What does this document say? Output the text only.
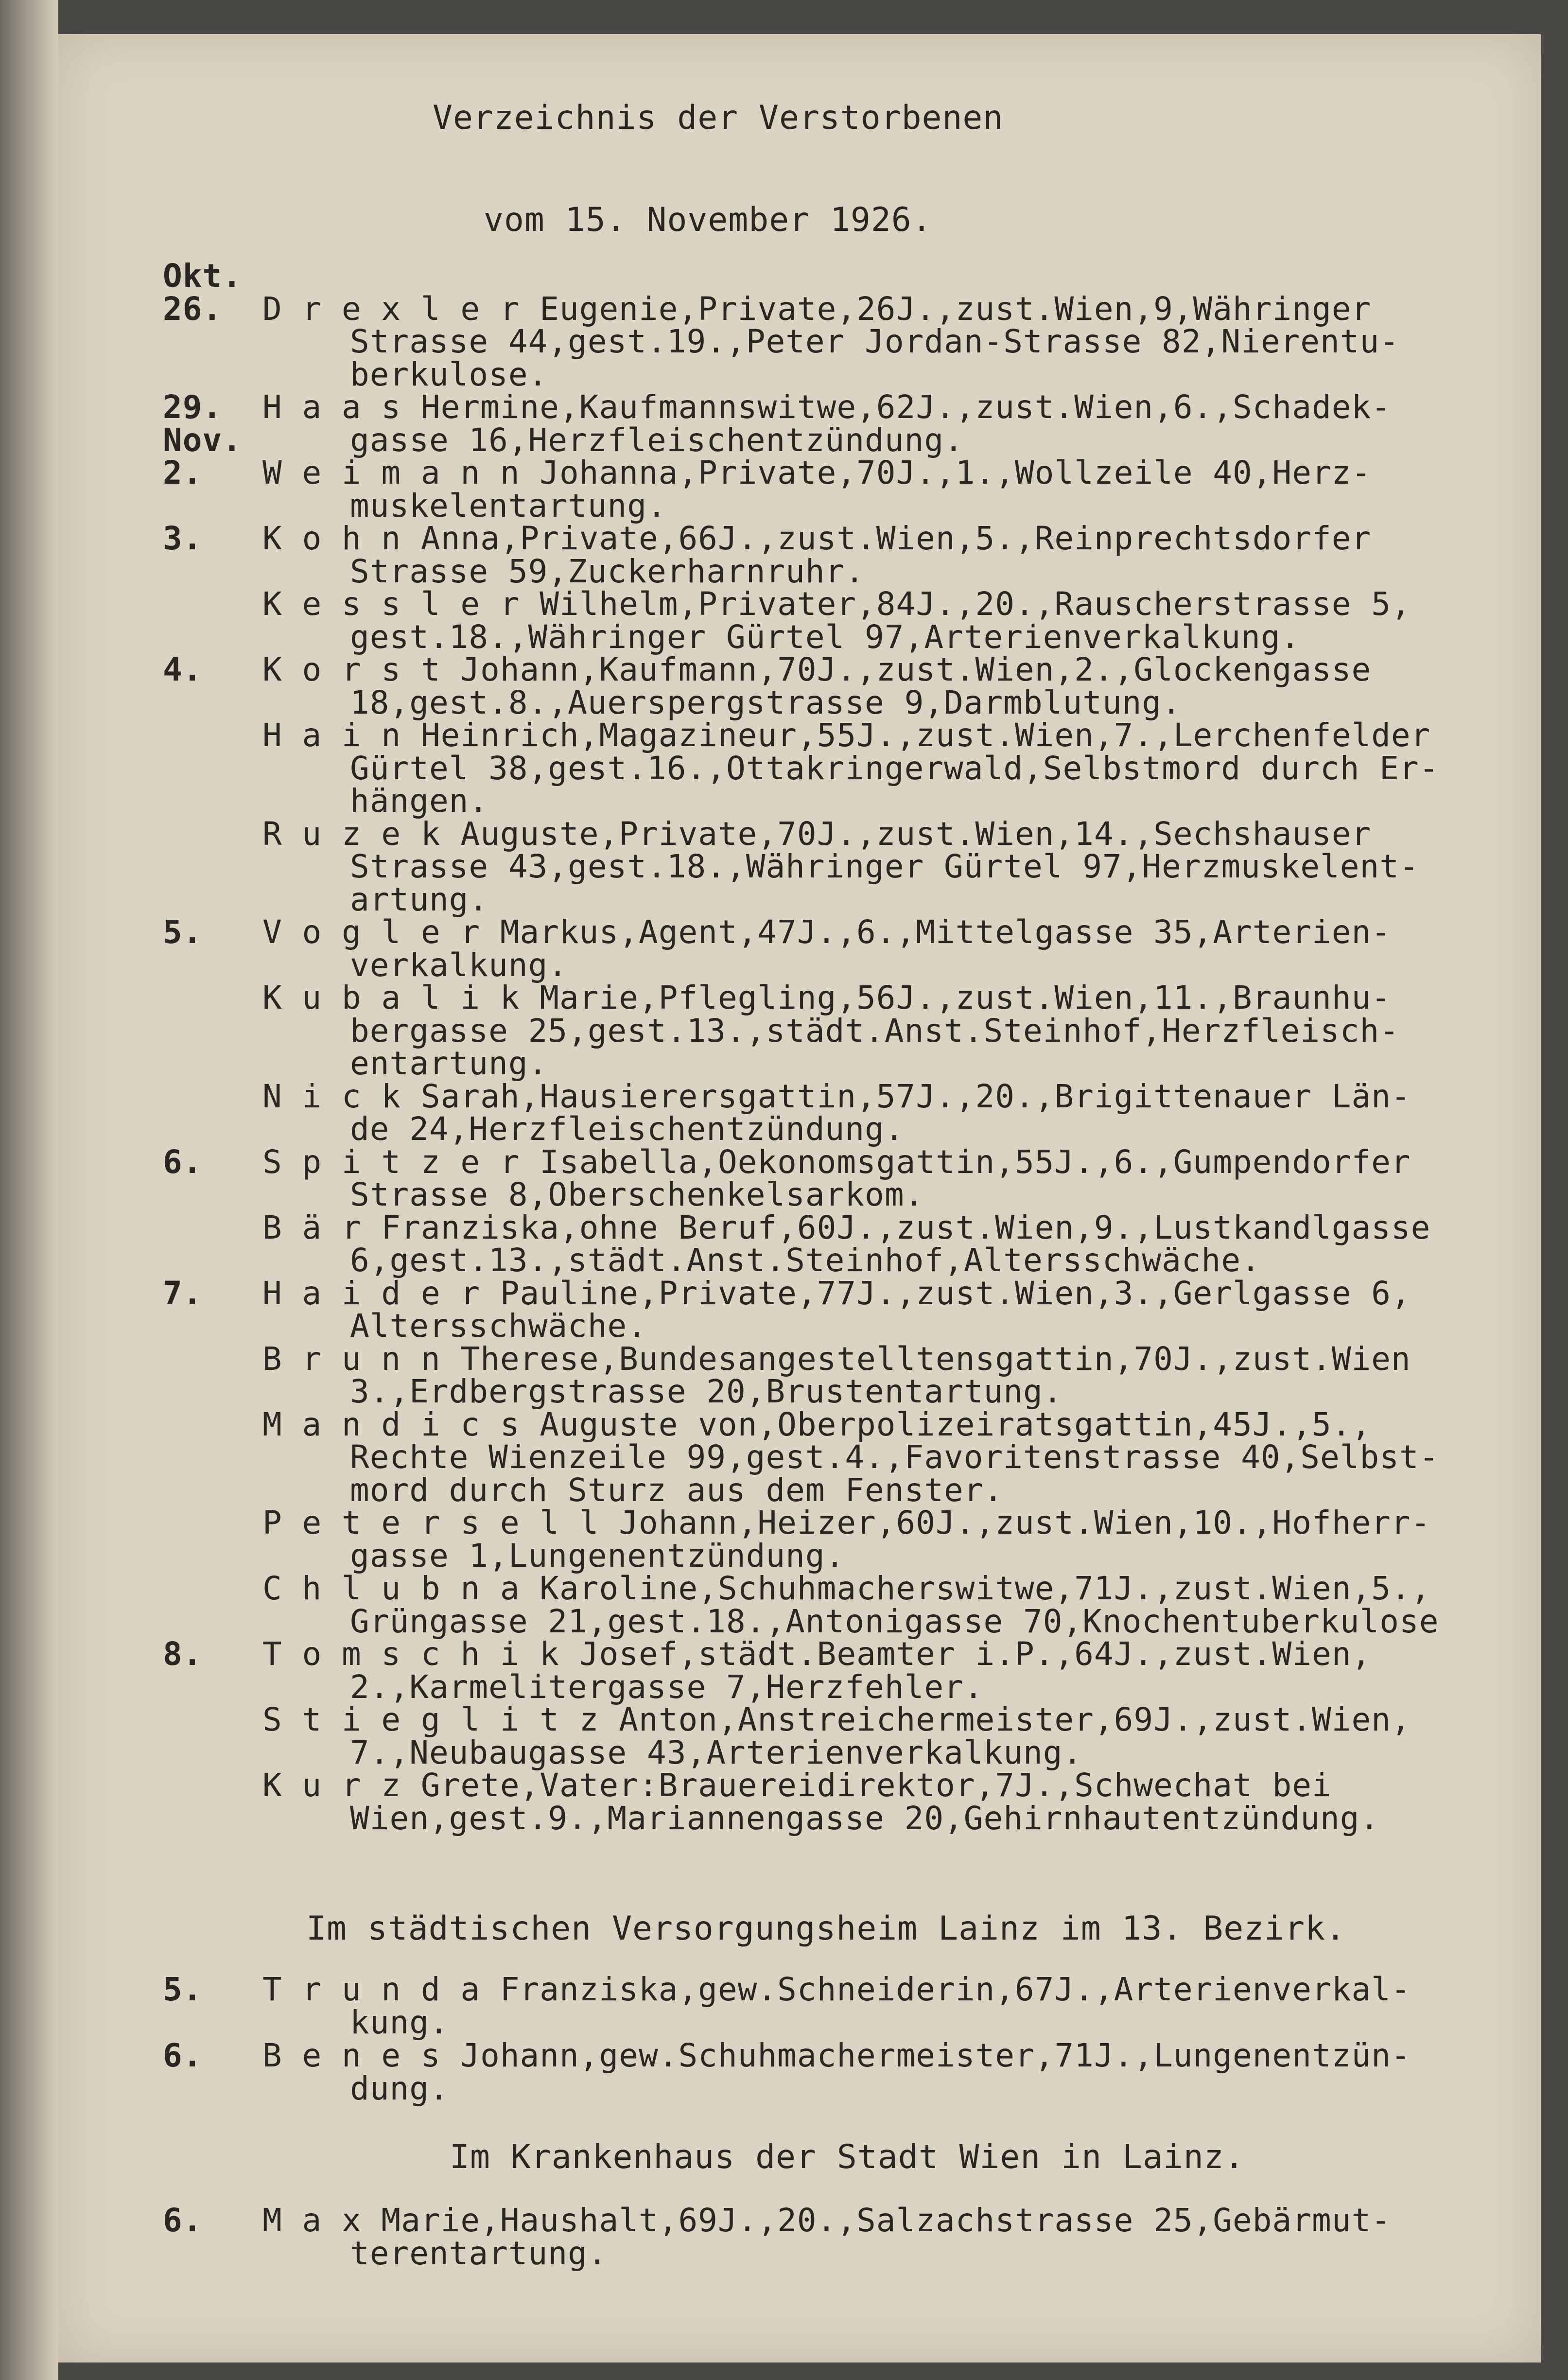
Verzeichnis der Verstorbenen
vom 15. November 1926.
Okt.
26. D r e x l e r Eugenie,Private,26J.,zust.Wien,9,Währinger
Strasse 44,gest.19.,Peter Jordan-Strasse 82,Nierentu-
berkulose.
29. H a a s Hermine,Kaufmannswitwe,62J.,zust.Wien,6.,Schadek-
Nov.	gasse 16,Herzfleischentzündung.
2. W e i m a n n Johanna,Private,70J.,1.,Wollzeile 40,Herz-
muskelentartung.
3. K o h n Anna,Private,66J.,zust.Wien,5.,Reinprechtsdorfer
Strasse 59,Zuckerharnruhr.
K e s s l e r Wilhelm,Privater,84J.,20.,Rauscherstrasse 5,
gest.18.,Währinger Gürtel 97,Arterienverkalkung.
4. K o r s t Johann,Kaufmann,70J.,zust.Wien,2.,Glockengasse
18,gest.8.,Auerspergstrasse 9,Darmblutung.
H a i n Heinrich,Magazineur,55J.,zust.Wien,7.,Lerchenfelder
Gürtel 38,gest.16.,Ottakringerwald,Selbstmord durch Er-
hängen.
R u z e k Auguste,Private,70J.,zust.Wien,14.,Sechshauser
Strasse 43,gest.18.,Währinger Gürtel 97,Herzmuskelent-
artung.
5. V o g l e r Markus,Agent,47J.,6.,Mittelgasse 35,Arterien-
verkalkung.
K u b a l i k Marie,Pflegling,56J.,zust.Wien,11.,Braunhu-
bergasse 25,gest.13.,städt.Anst.Steinhof,Herzfleisch-
entartung.
N i c k Sarah,Hausierersgattin,57J.,20.,Brigittenauer Län-
de 24,Herzfleischentzündung.
6. S p i t z e r Isabella,Oekonomsgattin,55J.,6.,Gumpendorfer
Strasse 8,Oberschenkelsarkom.
B ä r Franziska,ohne Beruf,60J.,zust.Wien,9.,Lustkandlgasse
6,gest.13.,städt.Anst.Steinhof,Altersschwäche.
7. H a i d e r Pauline,Private,77J.,zust.Wien,3.,Gerlgasse 6,
Altersschwäche.
B r u n n Therese,Bundesangestelltensgattin,70J.,zust.Wien
3.,Erdbergstrasse 20,Brustentartung.
M a n d i c s Auguste von,Oberpolizeiratsgattin,45J.,5.,
Rechte Wienzeile 99,gest.4.,Favoritenstrasse 40,Selbst-
mord durch Sturz aus dem Fenster.
P e t e r s e l l Johann,Heizer,60J.,zust.Wien,10.,Hofherr-
gasse 1,Lungenentzündung.
C h l u b n a Karoline,Schuhmacherswitwe,71J.,zust.Wien,5.,
Grüngasse 21,gest.18.,Antonigasse 70,Knochentuberkulose
8. T o m s c h i k Josef,städt.Beamter i.P.,64J.,zust.Wien,
2.,Karmelitergasse 7,Herzfehler.
S t i e g l i t z Anton,Anstreichermeister,69J.,zust.Wien,
7.,Neubaugasse 43,Arterienverkalkung.
K u r z Grete,Vater:Brauereidirektor,7J.,Schwechat bei
Wien,gest.9.,Mariannengasse 20,Gehirnhautentzündung.
Im städtischen Versorgungsheim Lainz im 13. Bezirk.
5. T r u n d a Franziska,gew.Schneiderin,67J.,Arterienverkal-
kung.
6. B e n e s Johann,gew.Schuhmachermeister,71J.,Lungenentzün-
dung.
Im Krankenhaus der Stadt Wien in Lainz.
6. M a x Marie,Haushalt,69J.,20.,Salzachstrasse 25,Gebärmut-
terentartung.
